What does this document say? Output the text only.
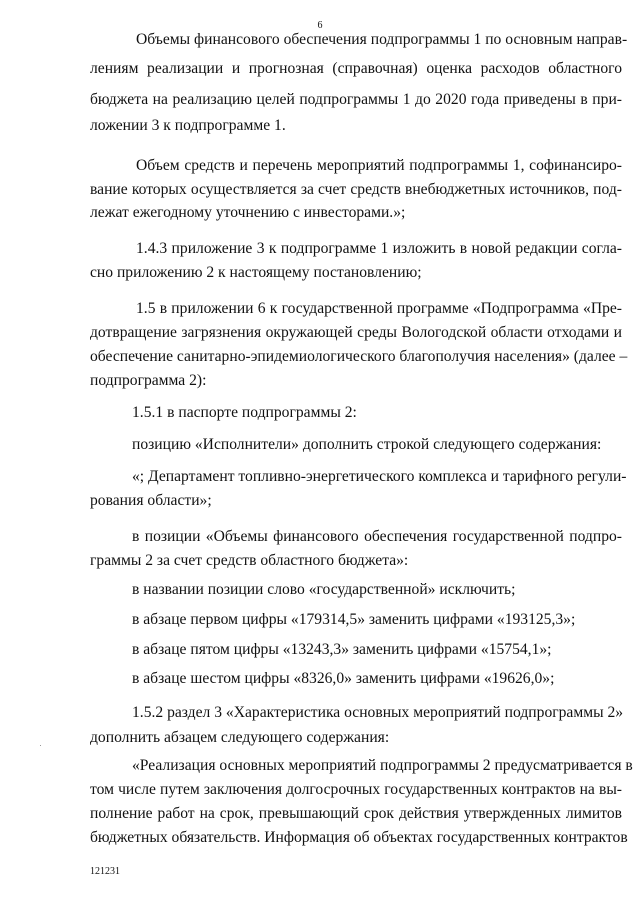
6
Объемы финансового обеспечения подпрограммы 1 по основным направ-
лениям реализации и прогнозная (справочная) оценка расходов областного
бюджета на реализацию целей подпрограммы 1 до 2020 года приведены в при-
ложении 3 к подпрограмме 1.
Объем средств и перечень мероприятий подпрограммы 1, софинансиро-
вание которых осуществляется за счет средств внебюджетных источников, под-
лежат ежегодному уточнению с инвесторами.»;
1.4.3 приложение 3 к подпрограмме 1 изложить в новой редакции согла-
сно приложению 2 к настоящему постановлению;
1.5 в приложении 6 к государственной программе «Подпрограмма «Пре-
дотвращение загрязнения окружающей среды Вологодской области отходами и
обеспечение санитарно-эпидемиологического благополучия населения» (далее –
подпрограмма 2):
1.5.1 в паспорте подпрограммы 2:
позицию «Исполнители» дополнить строкой следующего содержания:
«; Департамент топливно-энергетического комплекса и тарифного регули-
рования области»;
в позиции «Объемы финансового обеспечения государственной подпро-
граммы 2 за счет средств областного бюджета»:
в названии позиции слово «государственной» исключить;
в абзаце первом цифры «179314,5» заменить цифрами «193125,3»;
в абзаце пятом цифры «13243,3» заменить цифрами «15754,1»;
в абзаце шестом цифры «8326,0» заменить цифрами «19626,0»;
1.5.2 раздел 3 «Характеристика основных мероприятий подпрограммы 2»
дополнить абзацем следующего содержания:
«Реализация основных мероприятий подпрограммы 2 предусматривается в
том числе путем заключения долгосрочных государственных контрактов на вы-
полнение работ на срок, превышающий срок действия утвержденных лимитов
бюджетных обязательств. Информация об объектах государственных контрактов
121231
